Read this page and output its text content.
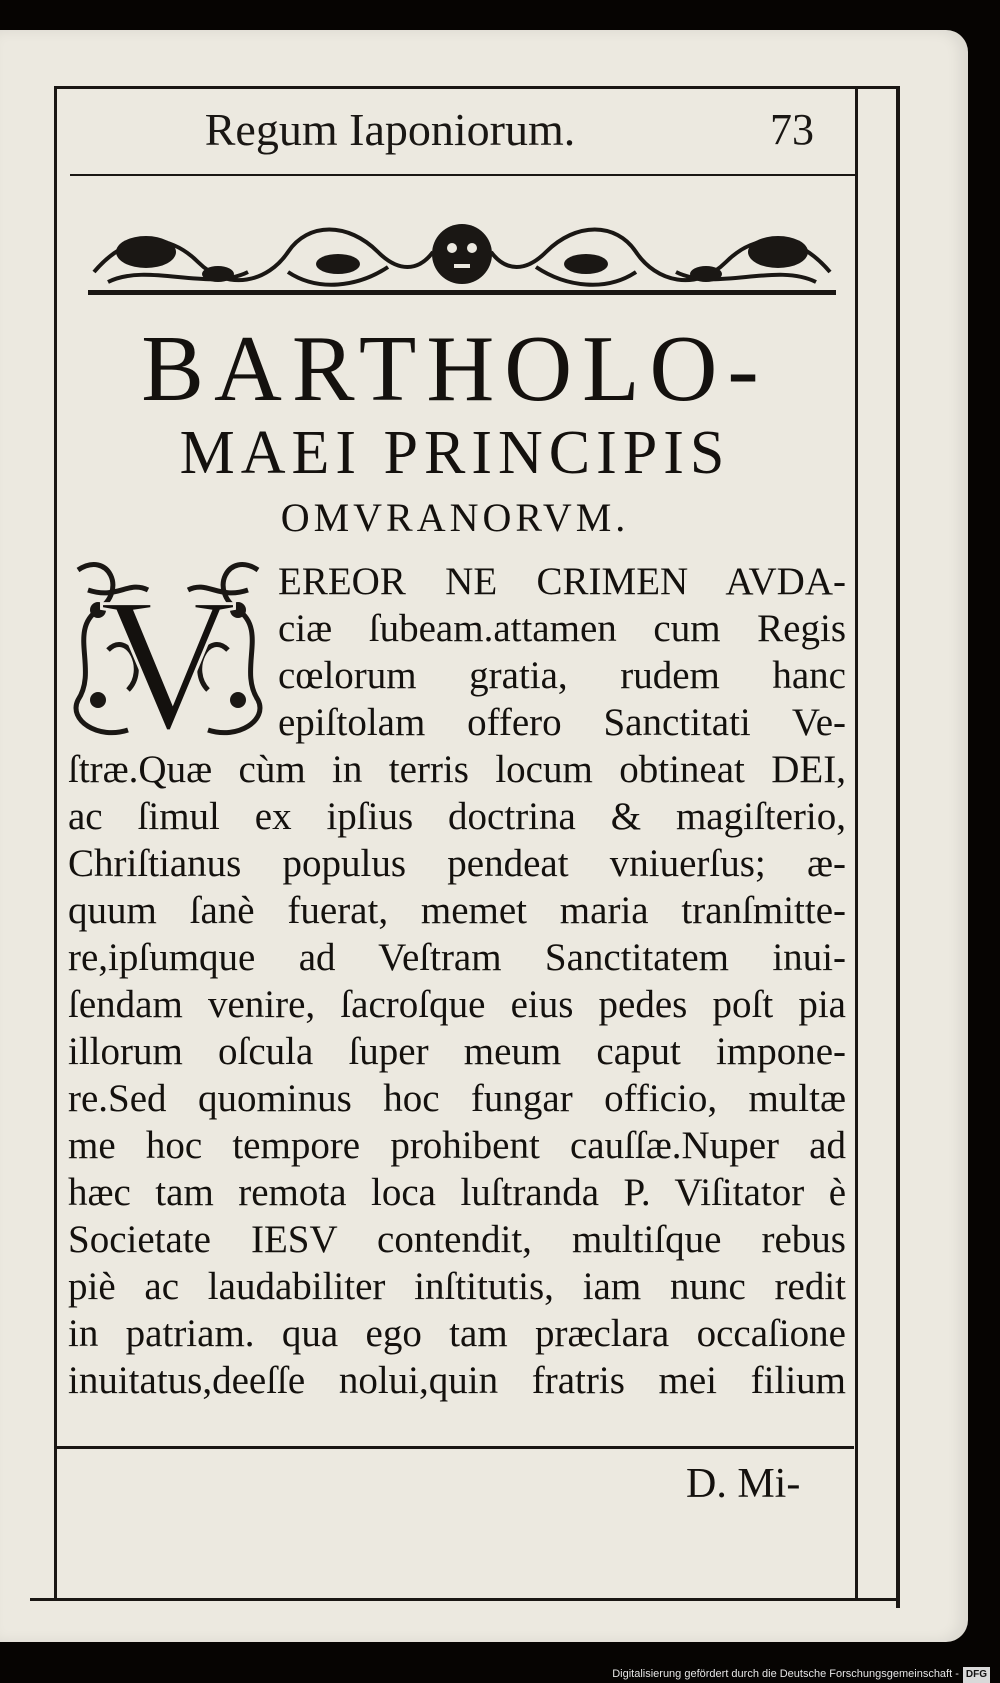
Regum Iaponiorum.	73
BARTHOLO-
MAEI PRINCIPIS
OMVRANORVM.
V EREOR NE CRIMEN AVDA-
ciæ ſubeam.attamen cum Regis
cœlorum gratia, rudem hanc
epiſtolam offero Sanctitati Ve-
ſtræ.Quæ cùm in terris locum obtineat DEI,
ac ſimul ex ipſius doctrina & magiſterio,
Chriſtianus populus pendeat vniuerſus; æ-
quum ſanè fuerat, memet maria tranſmitte-
re,ipſumque ad Veſtram Sanctitatem inui-
ſendam venire, ſacroſque eius pedes poſt pia
illorum oſcula ſuper meum caput impone-
re.Sed quominus hoc fungar officio, multæ
me hoc tempore prohibent cauſſæ.Nuper ad
hæc tam remota loca luſtranda P. Viſitator è
Societate IESV contendit, multiſque rebus
piè ac laudabiliter inſtitutis, iam nunc redit
in patriam. qua ego tam præclara occaſione
inuitatus,deeſſe nolui,quin fratris mei filium
D. Mi-
Digitalisierung gefördert durch die Deutsche Forschungsgemeinschaft - DFG
